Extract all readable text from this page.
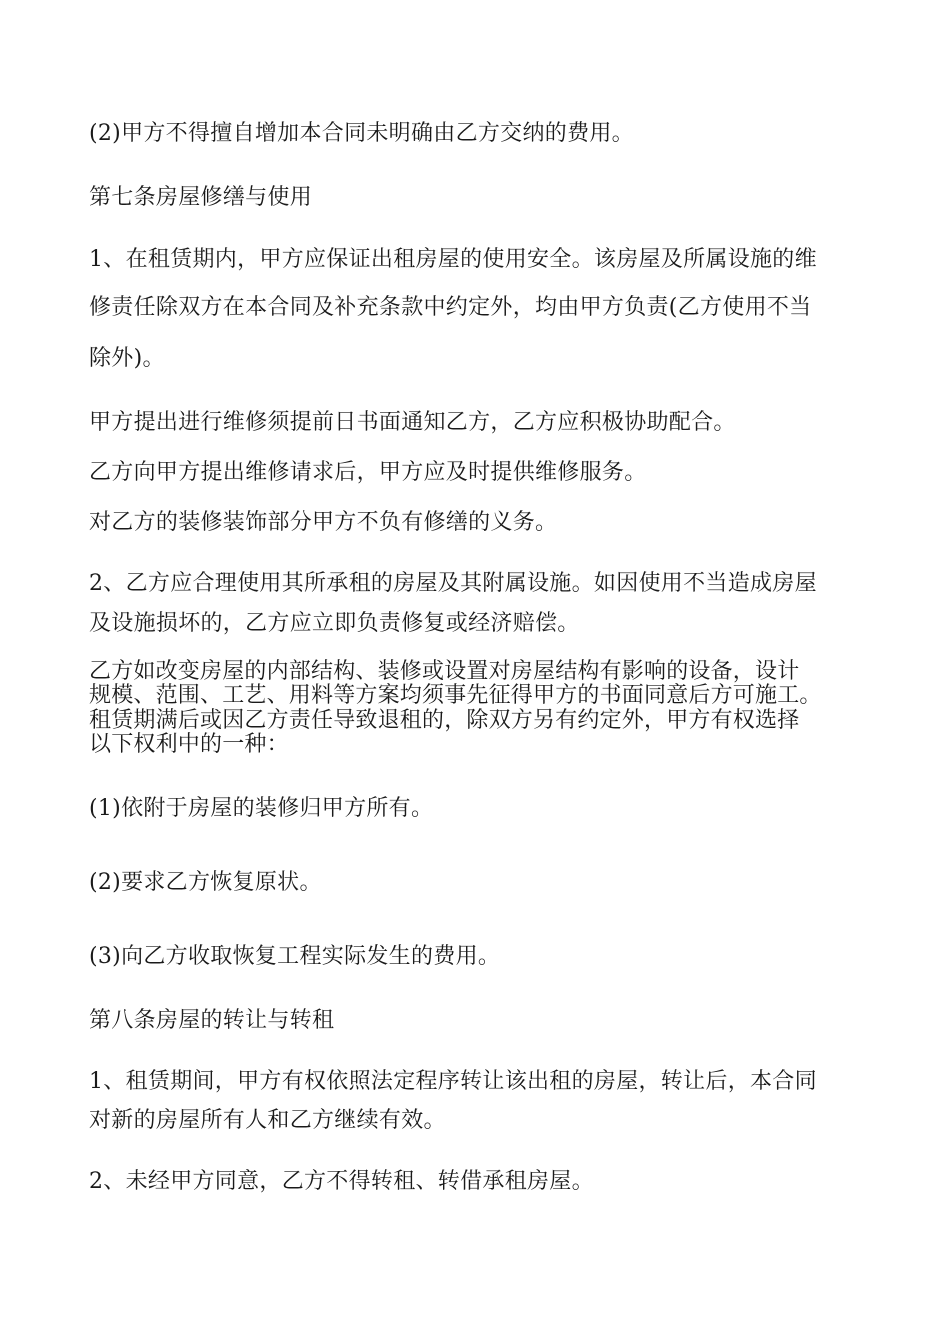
(2)甲方不得擅自增加本合同未明确由乙方交纳的费用。

第七条房屋修缮与使用

1、在租赁期内，甲方应保证出租房屋的使用安全。该房屋及所属设施的维

修责任除双方在本合同及补充条款中约定外，均由甲方负责(乙方使用不当

除外)。

甲方提出进行维修须提前日书面通知乙方，乙方应积极协助配合。

乙方向甲方提出维修请求后，甲方应及时提供维修服务。

对乙方的装修装饰部分甲方不负有修缮的义务。

2、乙方应合理使用其所承租的房屋及其附属设施。如因使用不当造成房屋

及设施损坏的，乙方应立即负责修复或经济赔偿。

乙方如改变房屋的内部结构、装修或设置对房屋结构有影响的设备，设计

规模、范围、工艺、用料等方案均须事先征得甲方的书面同意后方可施工。

租赁期满后或因乙方责任导致退租的，除双方另有约定外，甲方有权选择

以下权利中的一种：

(1)依附于房屋的装修归甲方所有。

(2)要求乙方恢复原状。

(3)向乙方收取恢复工程实际发生的费用。

第八条房屋的转让与转租

1、租赁期间，甲方有权依照法定程序转让该出租的房屋，转让后，本合同

对新的房屋所有人和乙方继续有效。

2、未经甲方同意，乙方不得转租、转借承租房屋。
